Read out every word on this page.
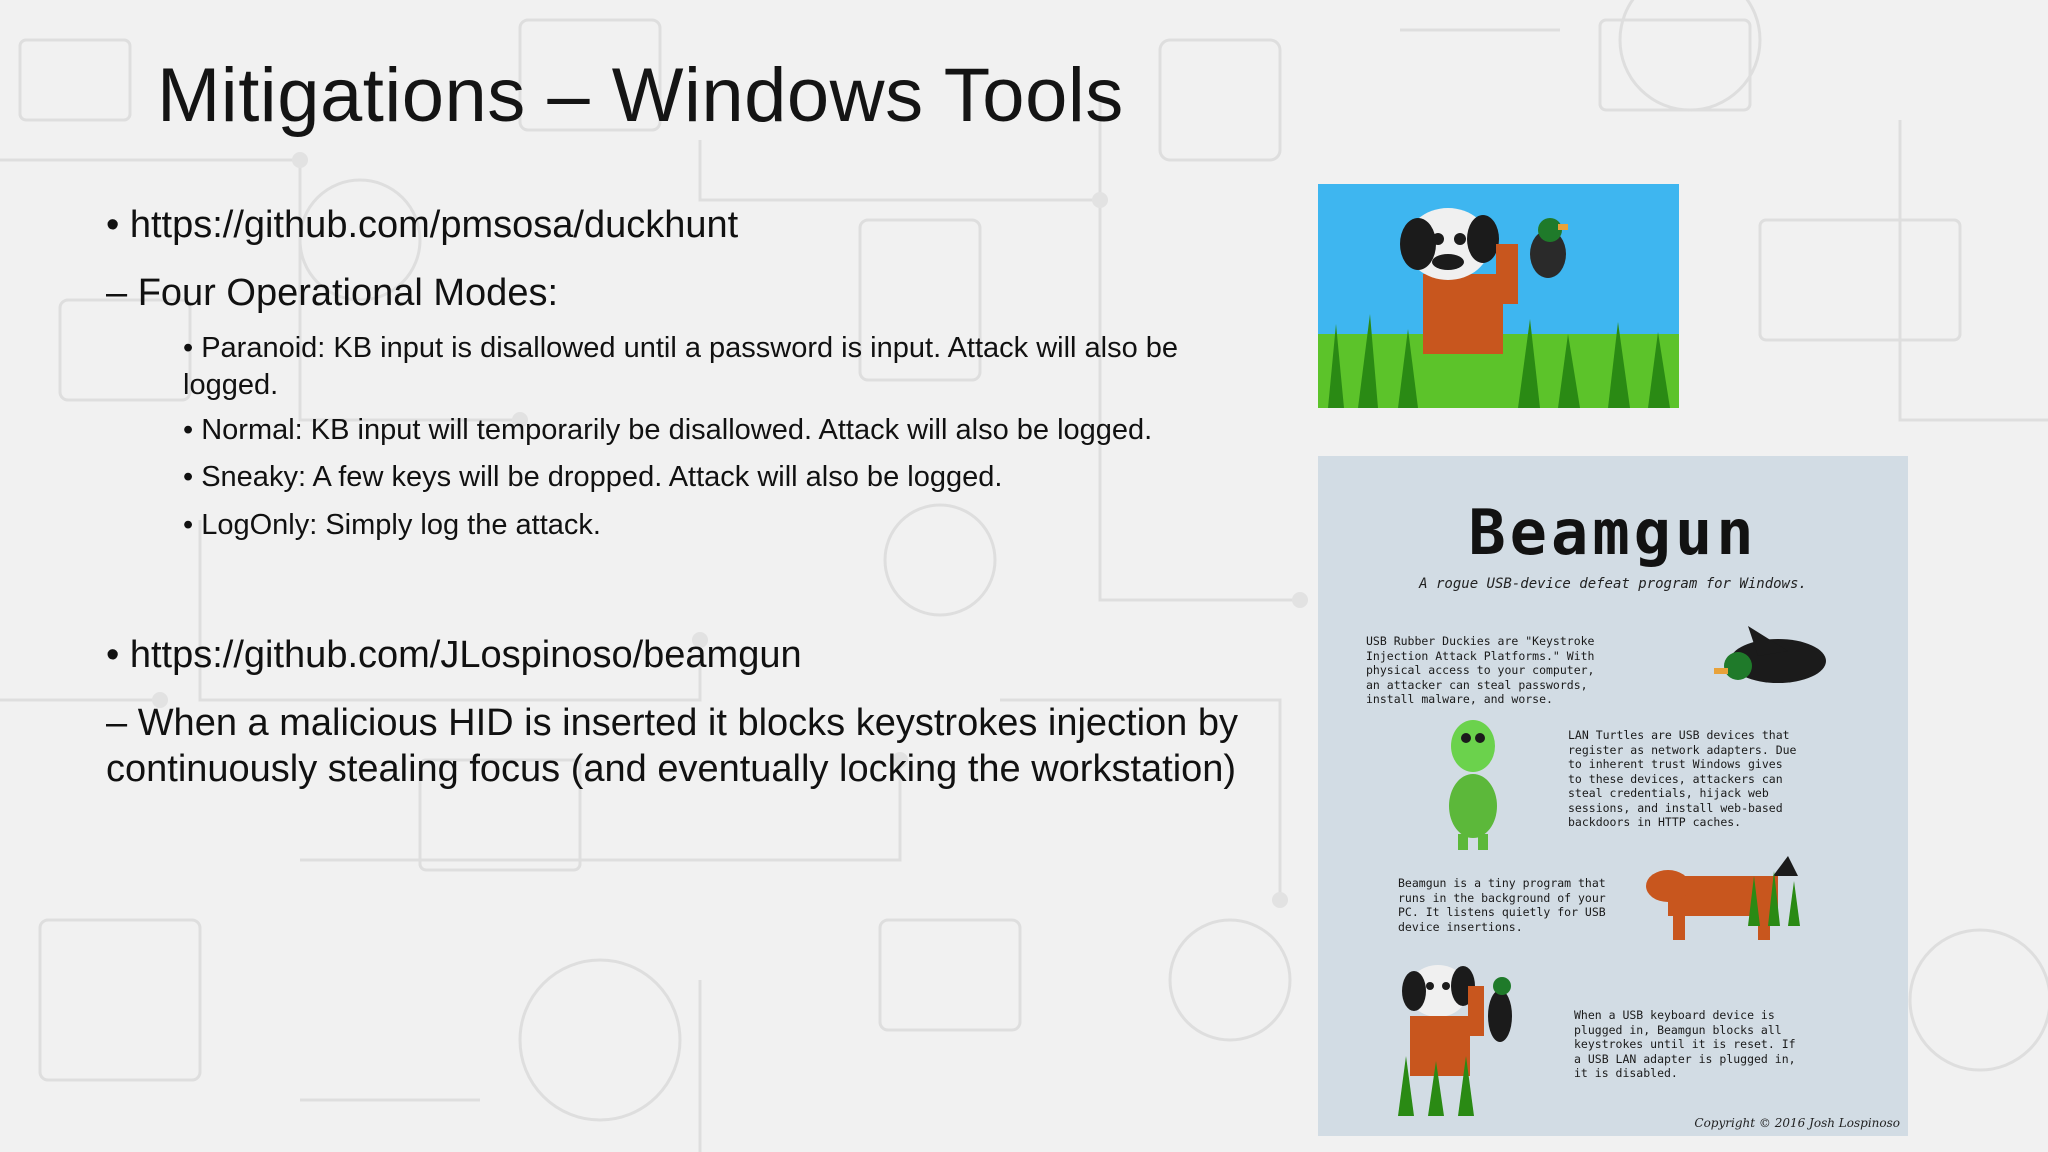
Mitigations – Windows Tools
• https://github.com/pmsosa/duckhunt
– Four Operational Modes:
• Paranoid: KB input is disallowed until a password is input. Attack will also be logged.
• Normal: KB input will temporarily be disallowed. Attack will also be logged.
• Sneaky: A few keys will be dropped. Attack will also be logged.
• LogOnly: Simply log the attack.
• https://github.com/JLospinoso/beamgun
– When a malicious HID is inserted it blocks keystrokes injection by continuously stealing focus (and eventually locking the workstation)
Beamgun
A rogue USB-device defeat program for Windows.
USB Rubber Duckies are "Keystroke
Injection Attack Platforms." With
physical access to your computer,
an attacker can steal passwords,
install malware, and worse.
LAN Turtles are USB devices that
register as network adapters. Due
to inherent trust Windows gives
to these devices, attackers can
steal credentials, hijack web
sessions, and install web-based
backdoors in HTTP caches.
Beamgun is a tiny program that
runs in the background of your
PC. It listens quietly for USB
device insertions.
When a USB keyboard device is
plugged in, Beamgun blocks all
keystrokes until it is reset. If
a USB LAN adapter is plugged in,
it is disabled.
Copyright © 2016 Josh Lospinoso
